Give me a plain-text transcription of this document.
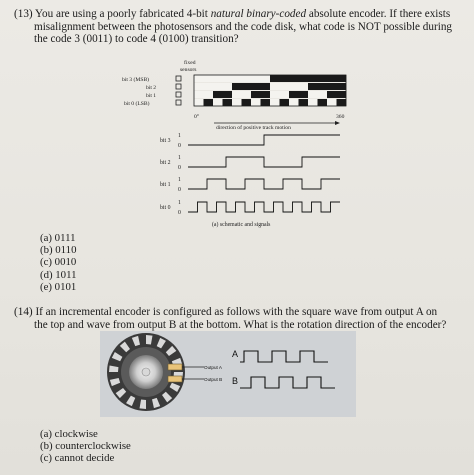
(13) You are using a poorly fabricated 4-bit natural binary-coded absolute encoder. If there exists
misalignment between the photosensors and the code disk, what code is NOT possible during
the code 3 (0011) to code 4 (0100) transition?
fixed
sensors
bit 3 (MSB)
bit 2
bit 1
bit 0 (LSB)
0°	360
direction of positive track motion
bit 3
bit 2
bit 1
bit 0
1
0
1
0
1
0
1
0
(a) schematic and signals
(a) 0111
(b) 0110
(c) 0010
(d) 1011
(e) 0101
(14) If an incremental encoder is configured as follows with the square wave from output A on
the top and wave from output B at the bottom. What is the rotation direction of the encoder?
Output A
Output B
A
B
(a) clockwise
(b) counterclockwise
(c) cannot decide
